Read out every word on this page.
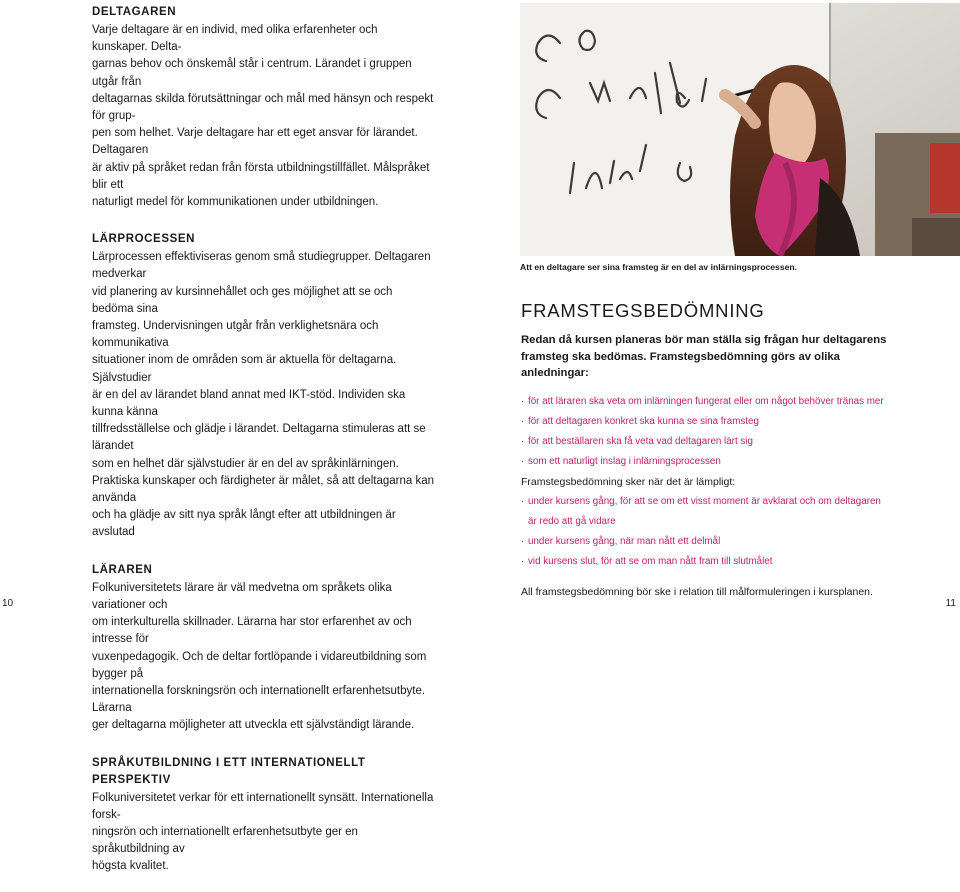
DELTAGAREN

Varje deltagare är en individ, med olika erfarenheter och kunskaper. Delta-
garnas behov och önskemål står i centrum. Lärandet i gruppen utgår från
deltagarnas skilda förutsättningar och mål med hänsyn och respekt för grup-
pen som helhet. Varje deltagare har ett eget ansvar för lärandet. Deltagaren
är aktiv på språket redan från första utbildningstillfället. Målspråket blir ett
naturligt medel för kommunikationen under utbildningen.

LÄRPROCESSEN

Lärprocessen effektiviseras genom små studiegrupper. Deltagaren medverkar
vid planering av kursinnehållet och ges möjlighet att se och bedöma sina
framsteg. Undervisningen utgår från verklighetsnära och kommunikativa
situationer inom de områden som är aktuella för deltagarna. Självstudier
är en del av lärandet bland annat med IKT-stöd. Individen ska kunna känna
tillfredsställelse och glädje i lärandet. Deltagarna stimuleras att se lärandet
som en helhet där självstudier är en del av språkinlärningen.
Praktiska kunskaper och färdigheter är målet, så att deltagarna kan använda
och ha glädje av sitt nya språk långt efter att utbildningen är avslutad

LÄRAREN

Folkuniversitetets lärare är väl medvetna om språkets olika variationer och
om interkulturella skillnader. Lärarna har stor erfarenhet av och intresse för
vuxenpedagogik. Och de deltar fortlöpande i vidareutbildning som bygger på
internationella forskningsrön och internationellt erfarenhetsutbyte. Lärarna
ger deltagarna möjligheter att utveckla ett självständigt lärande.

SPRÅKUTBILDNING I ETT INTERNATIONELLT PERSPEKTIV

Folkuniversitetet verkar för ett internationellt synsätt. Internationella forsk-
ningsrön och internationellt erfarenhetsutbyte ger en språkutbildning av
högsta kvalitet.

Att en deltagare ser sina framsteg är en del av inlärningsprocessen.
FRAMSTEGSBEDÖMNING

Redan då kursen planeras bör man ställa sig frågan hur deltagarens framsteg ska bedömas. Framstegsbedömning görs av olika anledningar:

· för att läraren ska veta om inlärningen fungerat eller om något behöver tränas mer
· för att deltagaren konkret ska kunna se sina framsteg
· för att beställaren ska få veta vad deltagaren lärt sig
· som ett naturligt inslag i inlärningsprocessen
Framstegsbedömning sker när det är lämpligt:
· under kursens gång, för att se om ett visst moment är avklarat och om deltagaren
är redo att gå vidare
· under kursens gång, när man nått ett delmål
· vid kursens slut, för att se om man nått fram till slutmålet
All framstegsbedömning bör ske i relation till målformuleringen i kursplanen.
10	11
